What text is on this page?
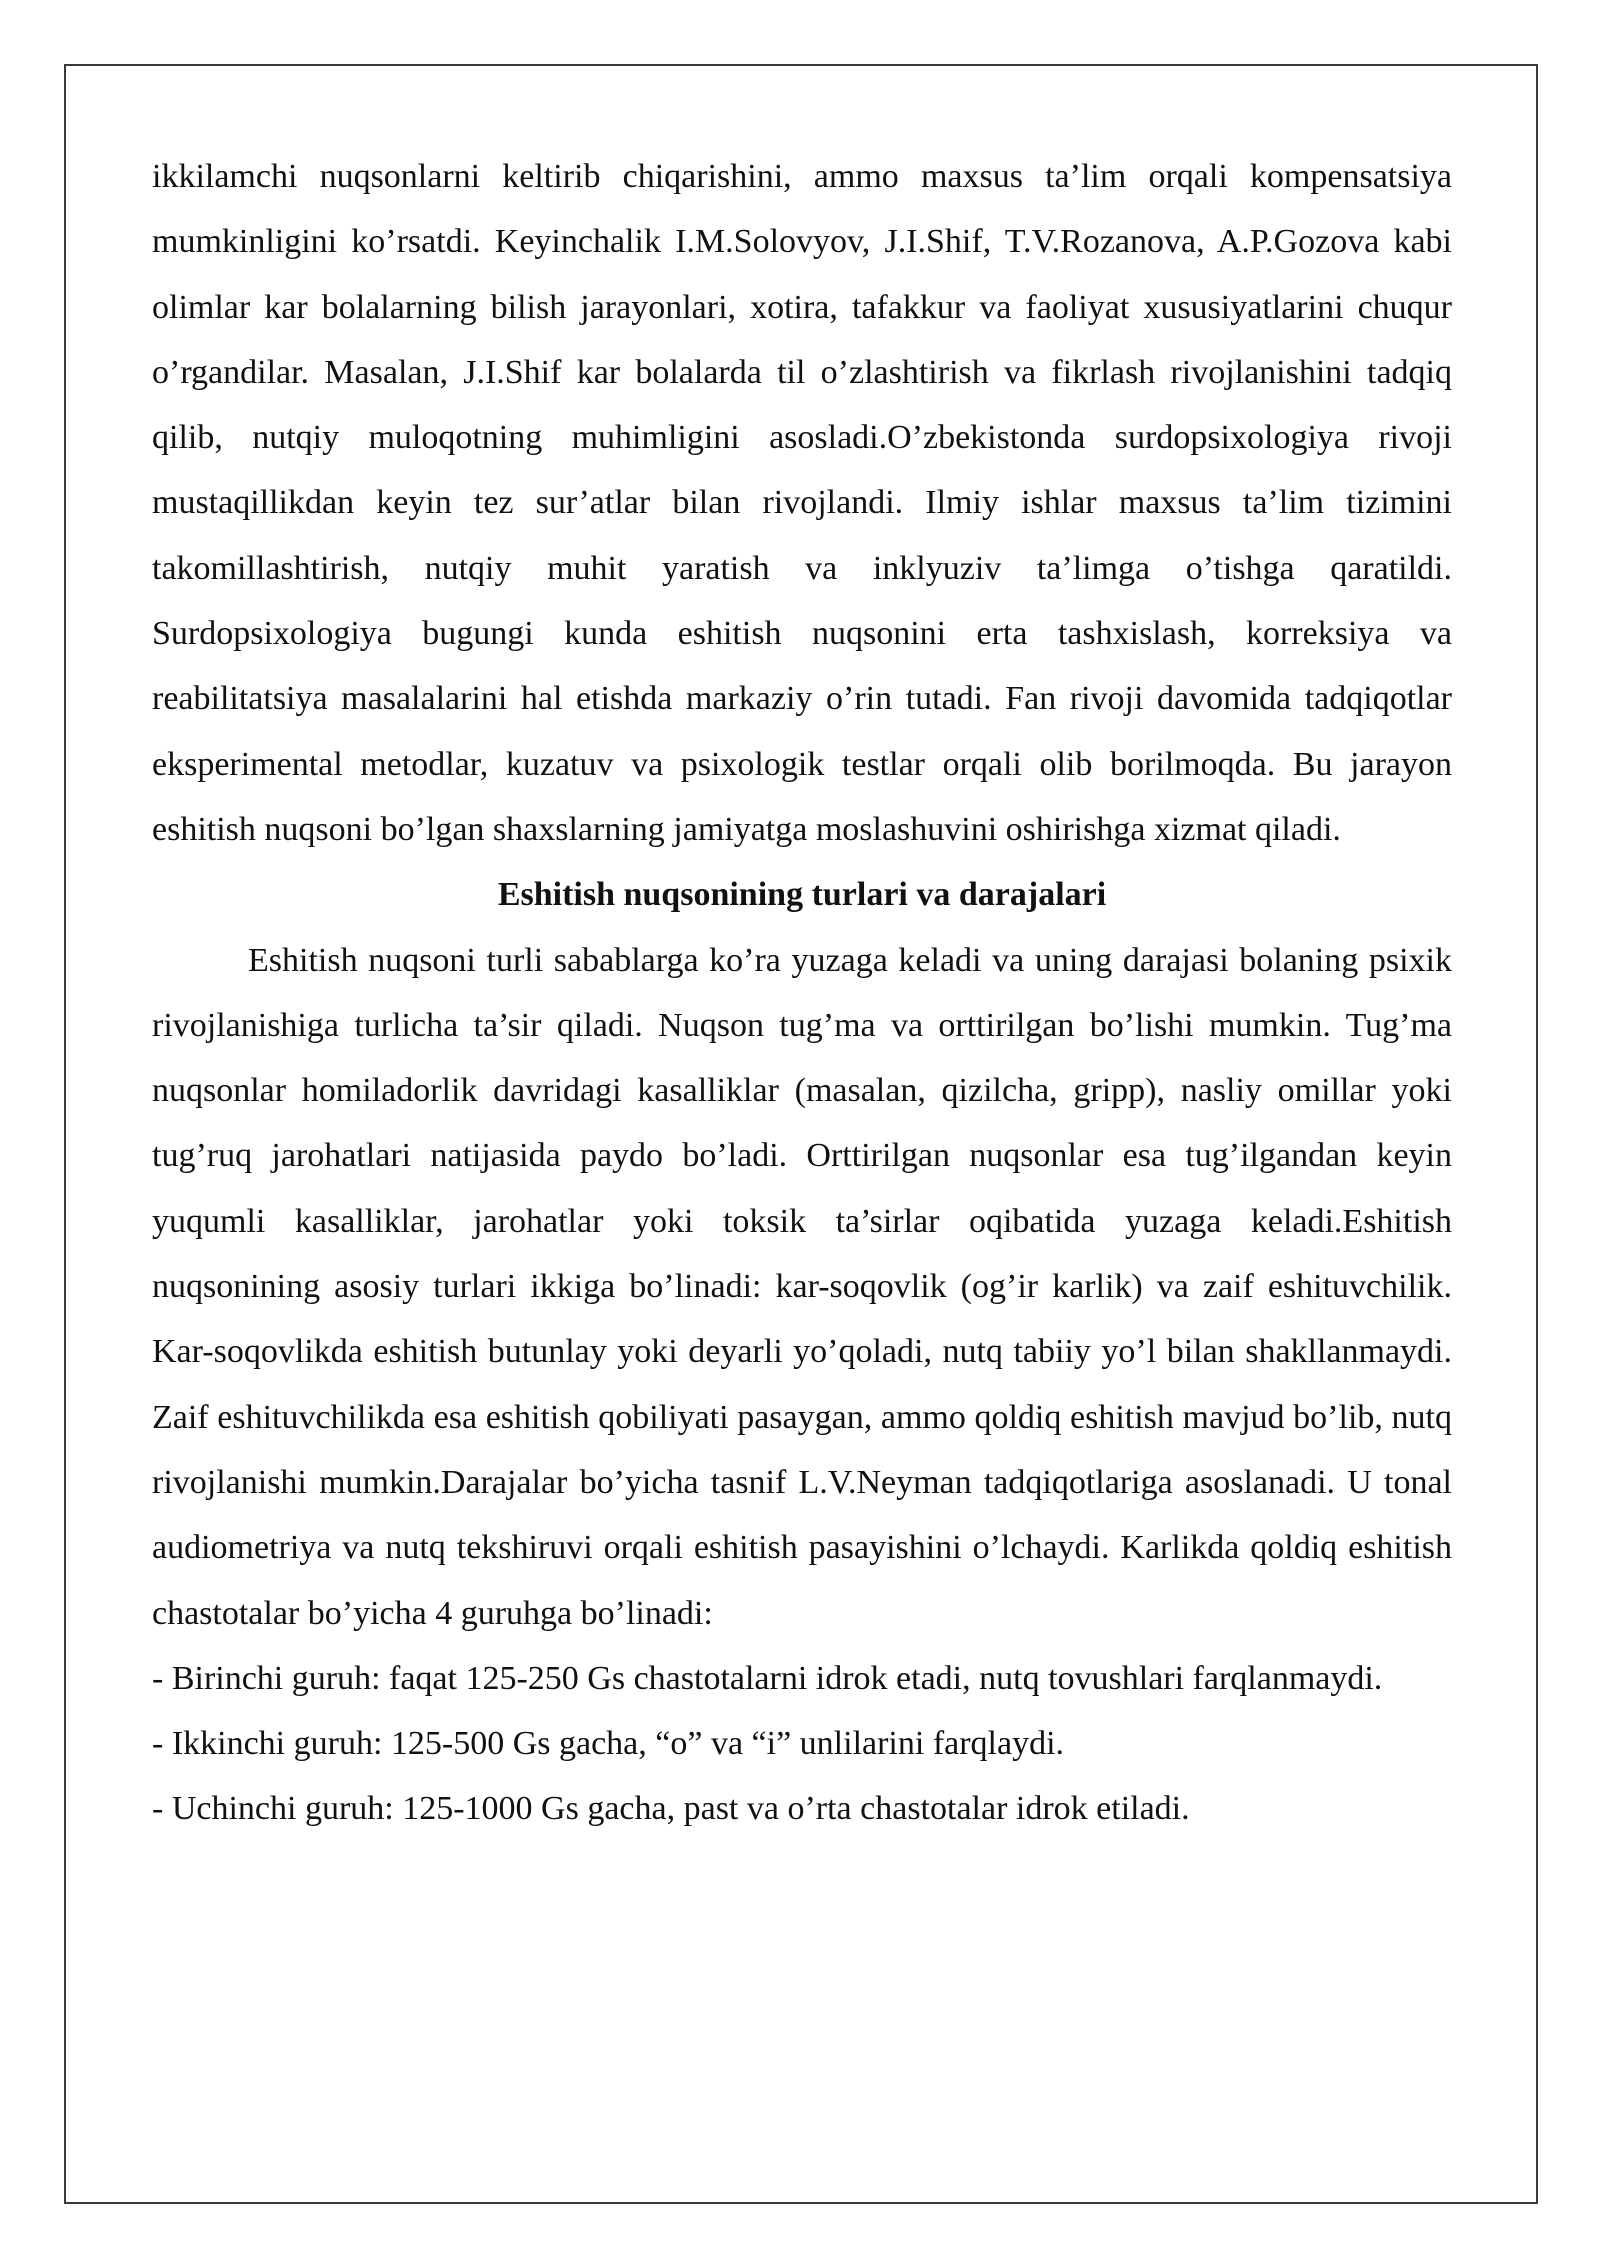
ikkilamchi nuqsonlarni keltirib chiqarishini, ammo maxsus ta’lim orqali kompensatsiya mumkinligini ko’rsatdi. Keyinchalik I.M.Solovyov, J.I.Shif, T.V.Rozanova, A.P.Gozova kabi olimlar kar bolalarning bilish jarayonlari, xotira, tafakkur va faoliyat xususiyatlarini chuqur o’rgandilar. Masalan, J.I.Shif kar bolalarda til o’zlashtirish va fikrlash rivojlanishini tadqiq qilib, nutqiy muloqotning muhimligini asosladi.O’zbekistonda surdopsixologiya rivoji mustaqillikdan keyin tez sur’atlar bilan rivojlandi. Ilmiy ishlar maxsus ta’lim tizimini takomillashtirish, nutqiy muhit yaratish va inklyuziv ta’limga o’tishga qaratildi. Surdopsixologiya bugungi kunda eshitish nuqsonini erta tashxislash, korreksiya va reabilitatsiya masalalarini hal etishda markaziy o’rin tutadi. Fan rivoji davomida tadqiqotlar eksperimental metodlar, kuzatuv va psixologik testlar orqali olib borilmoqda. Bu jarayon eshitish nuqsoni bo’lgan shaxslarning jamiyatga moslashuvini oshirishga xizmat qiladi.

Eshitish nuqsonining turlari va darajalari

Eshitish nuqsoni turli sabablarga ko’ra yuzaga keladi va uning darajasi bolaning psixik rivojlanishiga turlicha ta’sir qiladi. Nuqson tug’ma va orttirilgan bo’lishi mumkin. Tug’ma nuqsonlar homiladorlik davridagi kasalliklar (masalan, qizilcha, gripp), nasliy omillar yoki tug’ruq jarohatlari natijasida paydo bo’ladi. Orttirilgan nuqsonlar esa tug’ilgandan keyin yuqumli kasalliklar, jarohatlar yoki toksik ta’sirlar oqibatida yuzaga keladi.Eshitish nuqsonining asosiy turlari ikkiga bo’linadi: kar-soqovlik (og’ir karlik) va zaif eshituvchilik. Kar-soqovlikda eshitish butunlay yoki deyarli yo’qoladi, nutq tabiiy yo’l bilan shakllanmaydi. Zaif eshituvchilikda esa eshitish qobiliyati pasaygan, ammo qoldiq eshitish mavjud bo’lib, nutq rivojlanishi mumkin.Darajalar bo’yicha tasnif L.V.Neyman tadqiqotlariga asoslanadi. U tonal audiometriya va nutq tekshiruvi orqali eshitish pasayishini o’lchaydi. Karlikda qoldiq eshitish chastotalar bo’yicha 4 guruhga bo’linadi:

- Birinchi guruh: faqat 125-250 Gs chastotalarni idrok etadi, nutq tovushlari farqlanmaydi.

- Ikkinchi guruh: 125-500 Gs gacha, “o” va “i” unlilarini farqlaydi.

- Uchinchi guruh: 125-1000 Gs gacha, past va o’rta chastotalar idrok etiladi.
